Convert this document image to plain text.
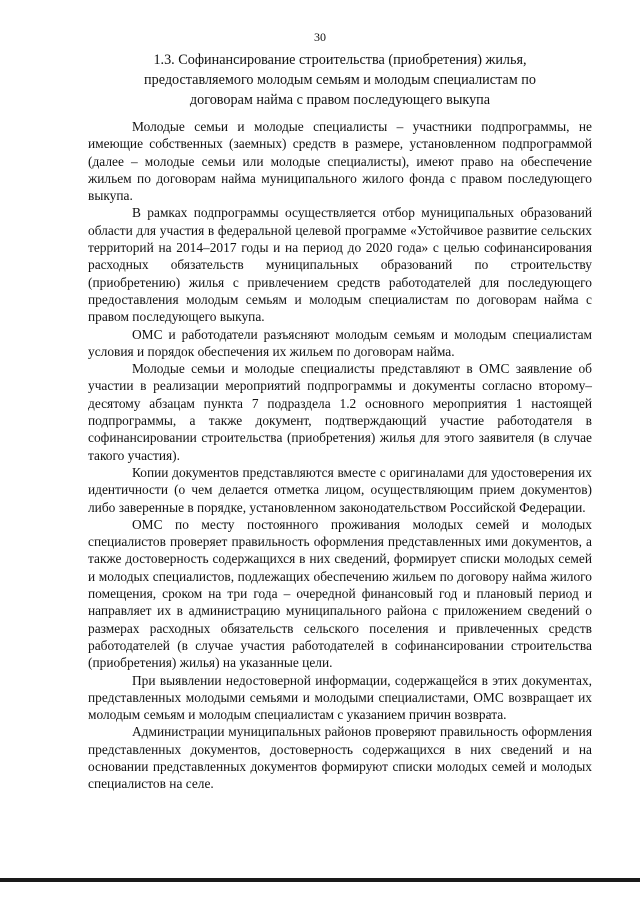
30
1.3. Софинансирование строительства (приобретения) жилья, предоставляемого молодым семьям и молодым специалистам по договорам найма с правом последующего выкупа

Молодые семьи и молодые специалисты – участники подпрограммы, не имеющие собственных (заемных) средств в размере, установленном подпрограммой (далее – молодые семьи или молодые специалисты), имеют право на обеспечение жильем по договорам найма муниципального жилого фонда с правом последующего выкупа.

В рамках подпрограммы осуществляется отбор муниципальных образований области для участия в федеральной целевой программе «Устойчивое развитие сельских территорий на 2014–2017 годы и на период до 2020 года» с целью софинансирования расходных обязательств муниципальных образований по строительству (приобретению) жилья с привлечением средств работодателей для последующего предоставления молодым семьям и молодым специалистам по договорам найма с правом последующего выкупа.

ОМС и работодатели разъясняют молодым семьям и молодым специалистам условия и порядок обеспечения их жильем по договорам найма.

Молодые семьи и молодые специалисты представляют в ОМС заявление об участии в реализации мероприятий подпрограммы и документы согласно второму–десятому абзацам пункта 7 подраздела 1.2 основного мероприятия 1 настоящей подпрограммы, а также документ, подтверждающий участие работодателя в софинансировании строительства (приобретения) жилья для этого заявителя (в случае такого участия).

Копии документов представляются вместе с оригиналами для удостоверения их идентичности (о чем делается отметка лицом, осуществляющим прием документов) либо заверенные в порядке, установленном законодательством Российской Федерации.

ОМС по месту постоянного проживания молодых семей и молодых специалистов проверяет правильность оформления представленных ими документов, а также достоверность содержащихся в них сведений, формирует списки молодых семей и молодых специалистов, подлежащих обеспечению жильем по договору найма жилого помещения, сроком на три года – очередной финансовый год и плановый период и направляет их в администрацию муниципального района с приложением сведений о размерах расходных обязательств сельского поселения и привлеченных средств работодателей (в случае участия работодателей в софинансировании строительства (приобретения) жилья) на указанные цели.

При выявлении недостоверной информации, содержащейся в этих документах, представленных молодыми семьями и молодыми специалистами, ОМС возвращает их молодым семьям и молодым специалистам с указанием причин возврата.

Администрации муниципальных районов проверяют правильность оформления представленных документов, достоверность содержащихся в них сведений и на основании представленных документов формируют списки молодых семей и молодых специалистов на селе.
